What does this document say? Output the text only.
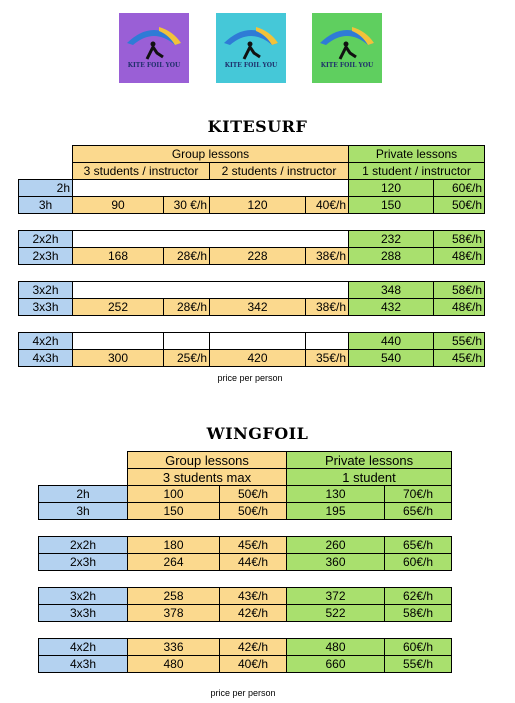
KITE FOIL YOU	KITE FOIL YOU	KITE FOIL YOU
KITESURF
	Group lessons				Private lessons	
	3 students / instructor		2 students / instructor		1 student / instructor	
2h					120	60€/h
3h	90	30 €/h	120	40€/h	150	50€/h

2x2h					232	58€/h
2x3h	168	28€/h	228	38€/h	288	48€/h

3x2h					348	58€/h
3x3h	252	28€/h	342	38€/h	432	48€/h

4x2h					440	55€/h
4x3h	300	25€/h	420	35€/h	540	45€/h
price per person
WINGFOIL
	Group lessons		Private lessons	
	3 students max		1 student	
2h	100	50€/h	130	70€/h
3h	150	50€/h	195	65€/h

2x2h	180	45€/h	260	65€/h
2x3h	264	44€/h	360	60€/h

3x2h	258	43€/h	372	62€/h
3x3h	378	42€/h	522	58€/h

4x2h	336	42€/h	480	60€/h
4x3h	480	40€/h	660	55€/h
price per person
